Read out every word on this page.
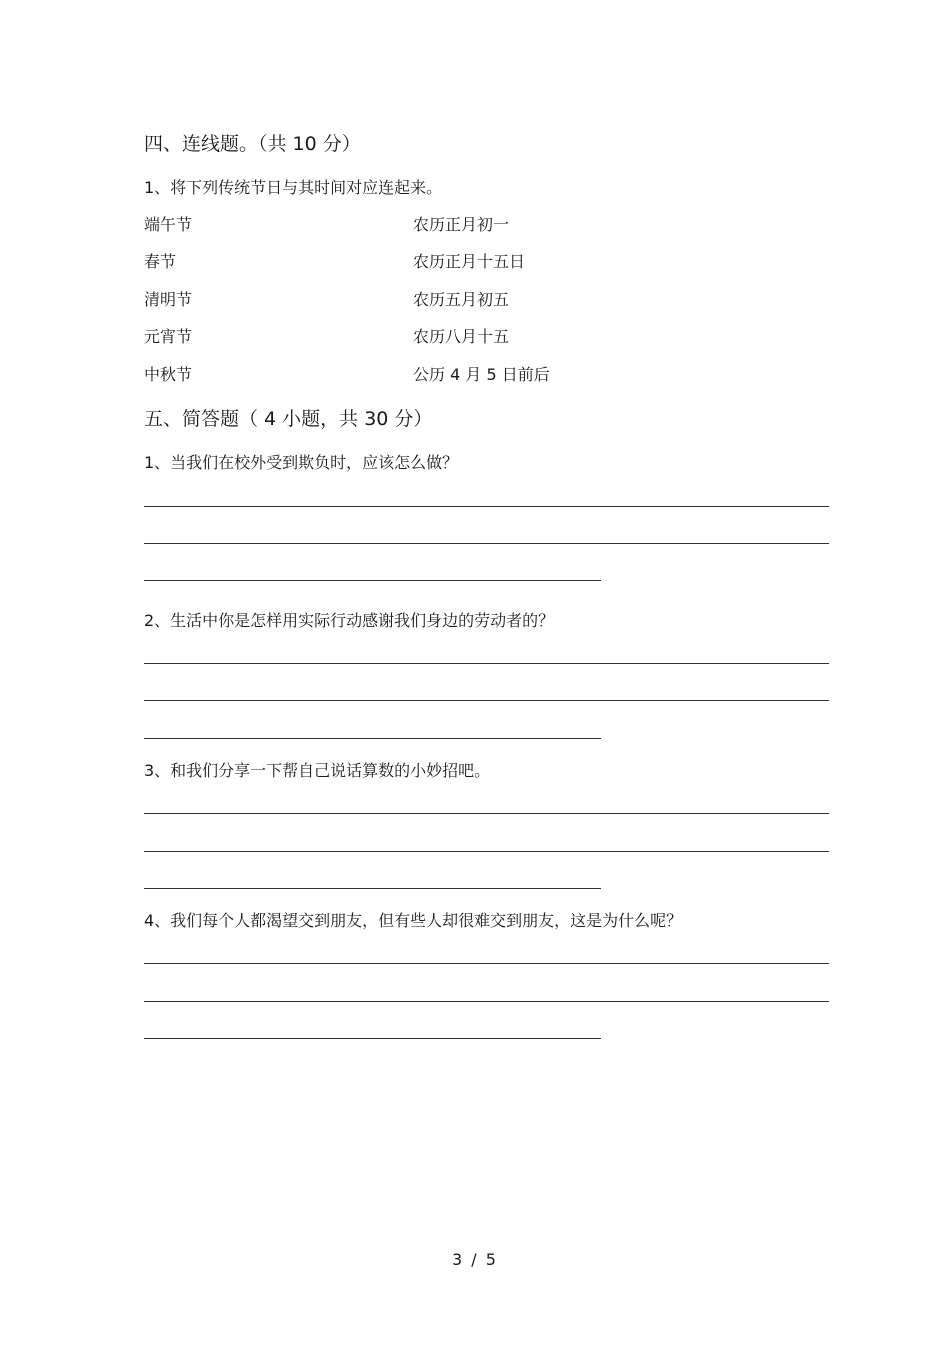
四、连线题。（共 10 分）
1、将下列传统节日与其时间对应连起来。
端午节	农历正月初一
春节	农历正月十五日
清明节	农历五月初五
元宵节	农历八月十五
中秋节	公历 4 月 5 日前后
五、简答题（ 4 小题，共 30 分）
1、当我们在校外受到欺负时，应该怎么做？
2、生活中你是怎样用实际行动感谢我们身边的劳动者的？
3、和我们分享一下帮自己说话算数的小妙招吧。
4、我们每个人都渴望交到朋友，但有些人却很难交到朋友，这是为什么呢？
3 / 5
